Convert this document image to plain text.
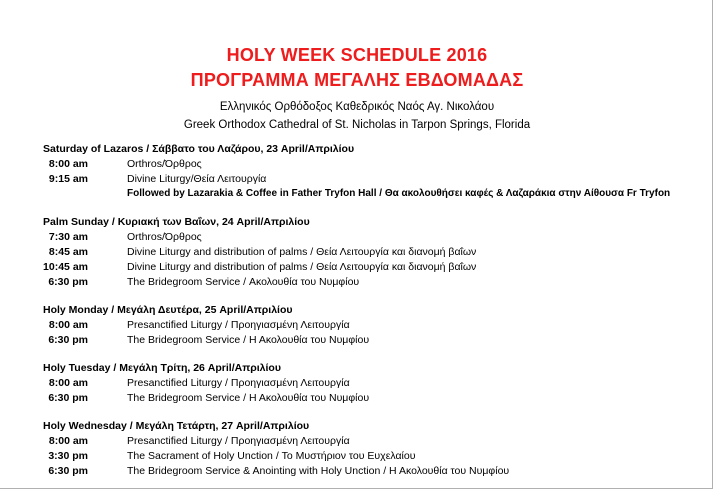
HOLY WEEK SCHEDULE 2016
ΠΡΟΓΡΑΜΜΑ ΜΕΓΑΛΗΣ ΕΒΔΟΜΑΔΑΣ
Ελληνικός Ορθόδοξος Καθεδρικός Ναός Αγ. Νικολάου
Greek Orthodox Cathedral of St. Nicholas in Tarpon Springs, Florida
Saturday of Lazaros / Σάββατο του Λαζάρου, 23 April/Απριλίου
8:00 am	Orthros/Όρθρος
9:15 am	Divine Liturgy/Θεία Λειτουργία
Followed by Lazarakia & Coffee in Father Tryfon Hall / Θα ακολουθήσει καφές & Λαζαράκια στην Αίθουσα Fr Tryfon
Palm Sunday / Κυριακή των Βαΐων, 24 April/Απριλίου
7:30 am	Orthros/Όρθρος
8:45 am	Divine Liturgy and distribution of palms / Θεία Λειτουργία και διανομή βαΐων
10:45 am	Divine Liturgy and distribution of palms / Θεία Λειτουργία και διανομή βαΐων
6:30 pm	The Bridegroom Service / Ακολουθία του Νυμφίου
Holy Monday / Μεγάλη Δευτέρα, 25 April/Απριλίου
8:00 am	Presanctified Liturgy / Προηγιασμένη Λειτουργία
6:30 pm	The Bridegroom Service / Η Ακολουθία του Νυμφίου
Holy Tuesday / Μεγάλη Τρίτη, 26 April/Απριλίου
8:00 am	Presanctified Liturgy / Προηγιασμένη Λειτουργία
6:30 pm	The Bridegroom Service / Η Ακολουθία του Νυμφίου
Holy Wednesday / Μεγάλη Τετάρτη, 27 April/Απριλίου
8:00 am	Presanctified Liturgy / Προηγιασμένη Λειτουργία
3:30 pm	The Sacrament of Holy Unction / Το Μυστήριον του Ευχελαίου
6:30 pm	The Bridegroom Service & Anointing with Holy Unction / Η Ακολουθία του Νυμφίου
